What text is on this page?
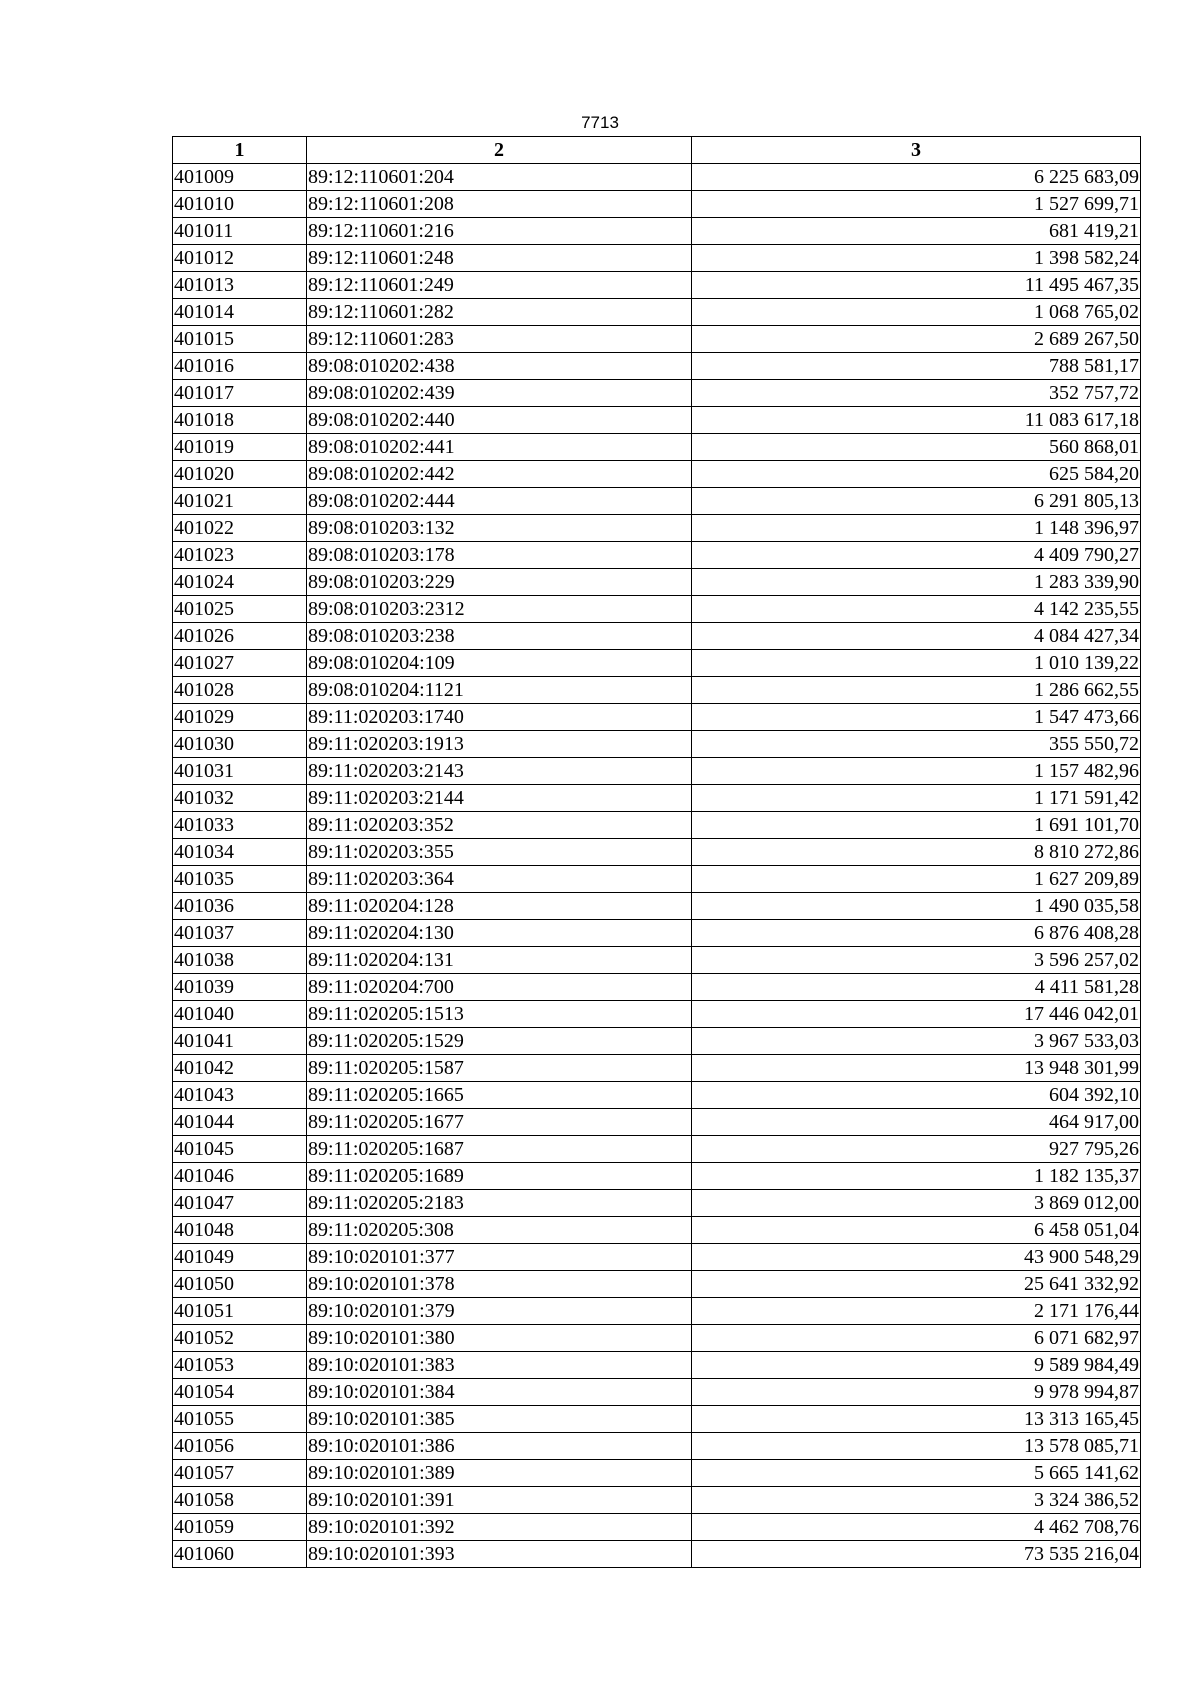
7713
1	2	3
401009	89:12:110601:204	6 225 683,09
401010	89:12:110601:208	1 527 699,71
401011	89:12:110601:216	681 419,21
401012	89:12:110601:248	1 398 582,24
401013	89:12:110601:249	11 495 467,35
401014	89:12:110601:282	1 068 765,02
401015	89:12:110601:283	2 689 267,50
401016	89:08:010202:438	788 581,17
401017	89:08:010202:439	352 757,72
401018	89:08:010202:440	11 083 617,18
401019	89:08:010202:441	560 868,01
401020	89:08:010202:442	625 584,20
401021	89:08:010202:444	6 291 805,13
401022	89:08:010203:132	1 148 396,97
401023	89:08:010203:178	4 409 790,27
401024	89:08:010203:229	1 283 339,90
401025	89:08:010203:2312	4 142 235,55
401026	89:08:010203:238	4 084 427,34
401027	89:08:010204:109	1 010 139,22
401028	89:08:010204:1121	1 286 662,55
401029	89:11:020203:1740	1 547 473,66
401030	89:11:020203:1913	355 550,72
401031	89:11:020203:2143	1 157 482,96
401032	89:11:020203:2144	1 171 591,42
401033	89:11:020203:352	1 691 101,70
401034	89:11:020203:355	8 810 272,86
401035	89:11:020203:364	1 627 209,89
401036	89:11:020204:128	1 490 035,58
401037	89:11:020204:130	6 876 408,28
401038	89:11:020204:131	3 596 257,02
401039	89:11:020204:700	4 411 581,28
401040	89:11:020205:1513	17 446 042,01
401041	89:11:020205:1529	3 967 533,03
401042	89:11:020205:1587	13 948 301,99
401043	89:11:020205:1665	604 392,10
401044	89:11:020205:1677	464 917,00
401045	89:11:020205:1687	927 795,26
401046	89:11:020205:1689	1 182 135,37
401047	89:11:020205:2183	3 869 012,00
401048	89:11:020205:308	6 458 051,04
401049	89:10:020101:377	43 900 548,29
401050	89:10:020101:378	25 641 332,92
401051	89:10:020101:379	2 171 176,44
401052	89:10:020101:380	6 071 682,97
401053	89:10:020101:383	9 589 984,49
401054	89:10:020101:384	9 978 994,87
401055	89:10:020101:385	13 313 165,45
401056	89:10:020101:386	13 578 085,71
401057	89:10:020101:389	5 665 141,62
401058	89:10:020101:391	3 324 386,52
401059	89:10:020101:392	4 462 708,76
401060	89:10:020101:393	73 535 216,04
